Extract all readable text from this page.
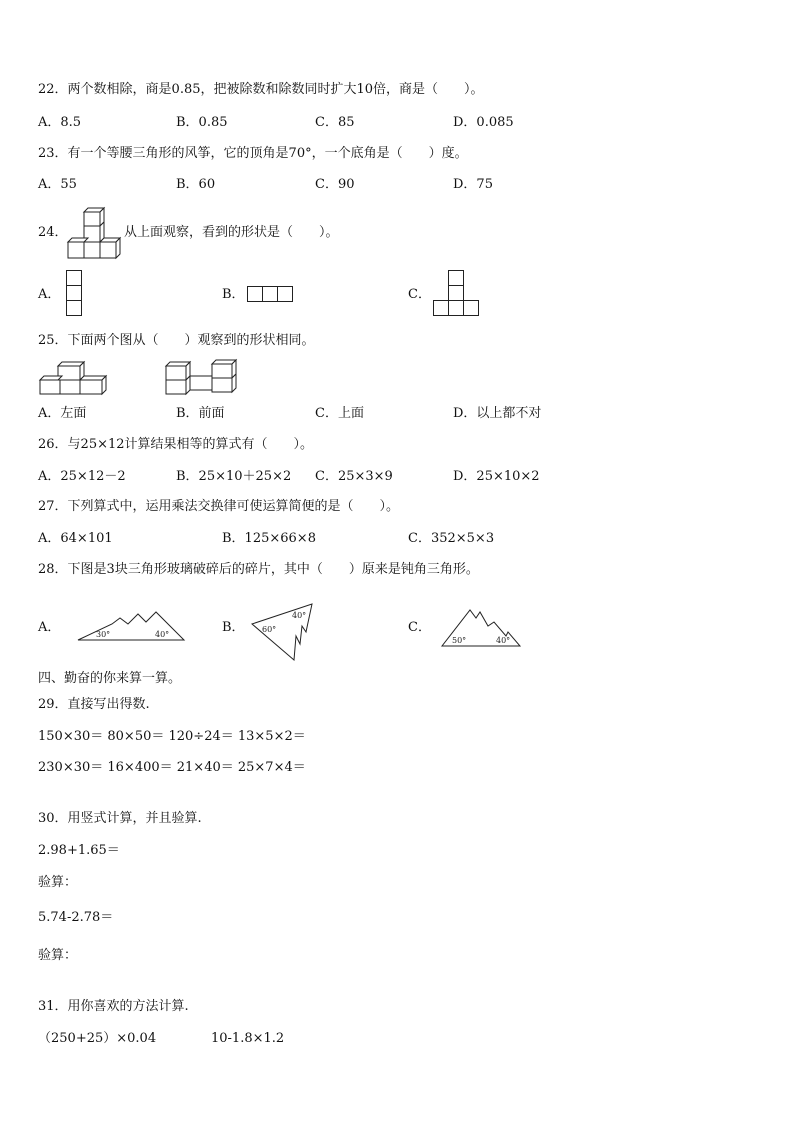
22．两个数相除，商是0.85，把被除数和除数同时扩大10倍，商是（　　）。
A．8.5	B．0.85	C．85	D．0.085
23．有一个等腰三角形的风筝，它的顶角是70°，一个底角是（　　）度。
A．55	B．60	C．90	D．75
24．	从上面观察，看到的形状是（　　）。
A．	B．	C．
25．下面两个图从（　　）观察到的形状相同。
A．左面	B．前面	C．上面	D．以上都不对
26．与25×12计算结果相等的算式有（　　）。
A．25×12－2	B．25×10＋25×2 C．25×3×9	D．25×10×2
27．下列算式中，运用乘法交换律可使运算简便的是（　　）。
A．64×101	B．125×66×8	C．352×5×3
28．下图是3块三角形玻璃破碎后的碎片，其中（　　）原来是钝角三角形。
A．	30°	40°	B． 60°
40°
C．
50°	40°
四、勤奋的你来算一算。
29．直接写出得数.
150×30＝ 80×50＝ 120÷24＝ 13×5×2＝
230×30＝ 16×400＝ 21×40＝ 25×7×4＝
30．用竖式计算，并且验算.
2.98+1.65＝
验算：
5.74-2.78＝
验算：
31．用你喜欢的方法计算.
（250+25）×0.04	10-1.8×1.2
